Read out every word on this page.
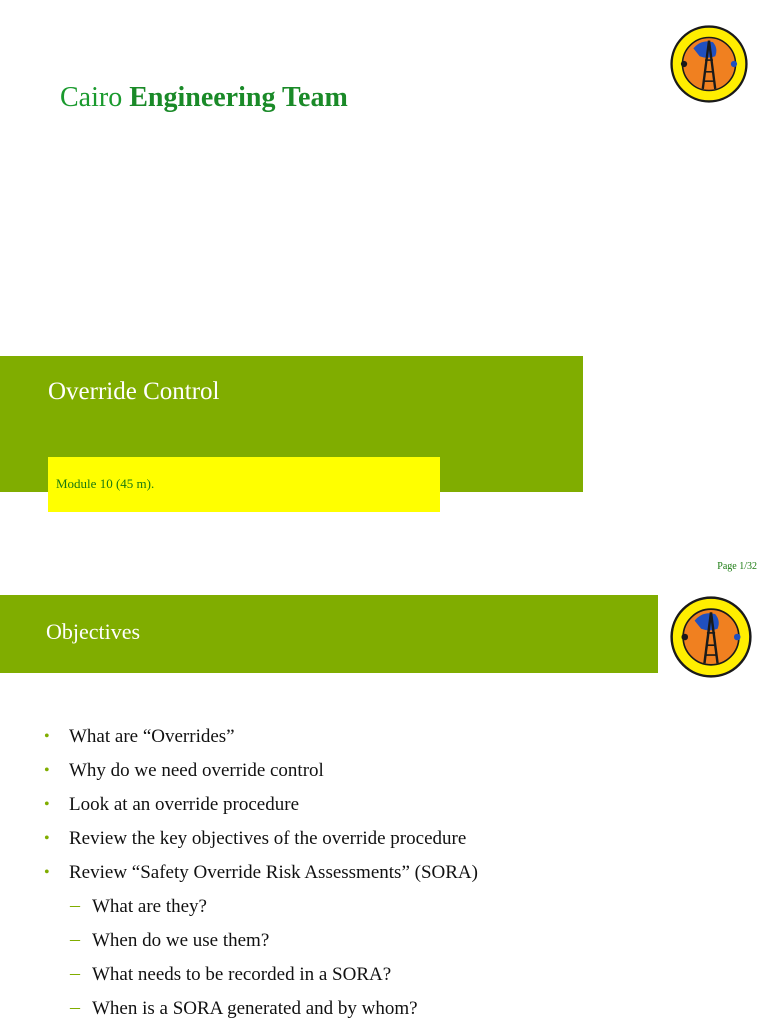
Cairo Engineering Team
Override Control
Module 10 (45 m).
Page 1/32
Objectives
• What are “Overrides”
• Why do we need override control
• Look at an override procedure
• Review the key objectives of the override procedure
• Review “Safety Override Risk Assessments” (SORA)
– What are they?
– When do we use them?
– What needs to be recorded in a SORA?
– When is a SORA generated and by whom?
